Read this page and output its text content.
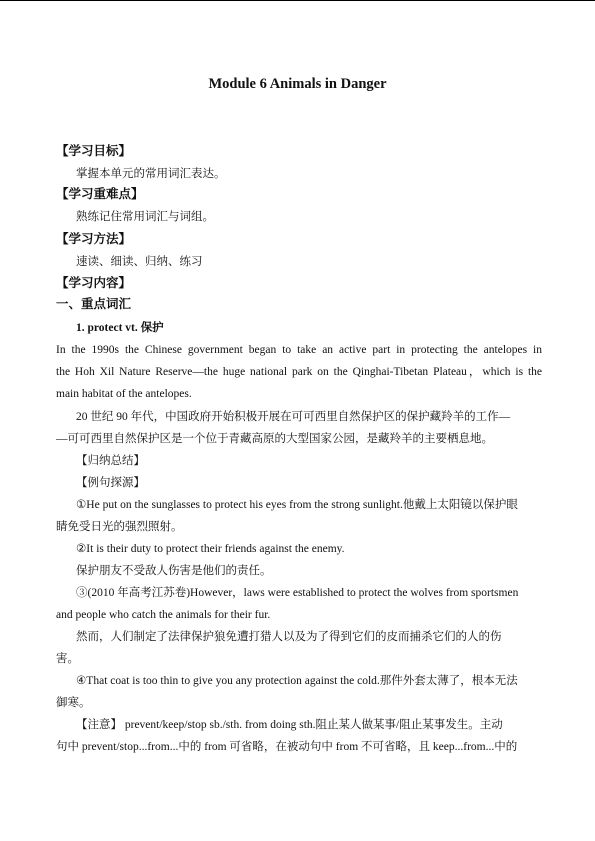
Module 6 Animals in Danger
【学习目标】
掌握本单元的常用词汇表达。
【学习重难点】
熟练记住常用词汇与词组。
【学习方法】
速读、细读、归纳、练习
【学习内容】
一、重点词汇
1. protect vt. 保护
In the 1990s the Chinese government began to take an active part in protecting the antelopes in
the Hoh Xil Nature Reserve—the huge national park on the Qinghai-Tibetan Plateau，which is the
main habitat of the antelopes.
20 世纪 90 年代，中国政府开始积极开展在可可西里自然保护区的保护藏羚羊的工作—
—可可西里自然保护区是一个位于青藏高原的大型国家公园，是藏羚羊的主要栖息地。
【归纳总结】
【例句探源】
①He put on the sunglasses to protect his eyes from the strong sunlight.他戴上太阳镜以保护眼
睛免受日光的强烈照射。
②It is their duty to protect their friends against the enemy.
保护朋友不受敌人伤害是他们的责任。
③(2010 年高考江苏卷)However，laws were established to protect the wolves from sportsmen
and people who catch the animals for their fur.
然而，人们制定了法律保护狼免遭打猎人以及为了得到它们的皮而捕杀它们的人的伤
害。
④That coat is too thin to give you any protection against the cold.那件外套太薄了，根本无法
御寒。
【注意】 prevent/keep/stop sb./sth. from doing sth.阻止某人做某事/阻止某事发生。主动
句中 prevent/stop...from...中的 from 可省略，在被动句中 from 不可省略，且 keep...from...中的
